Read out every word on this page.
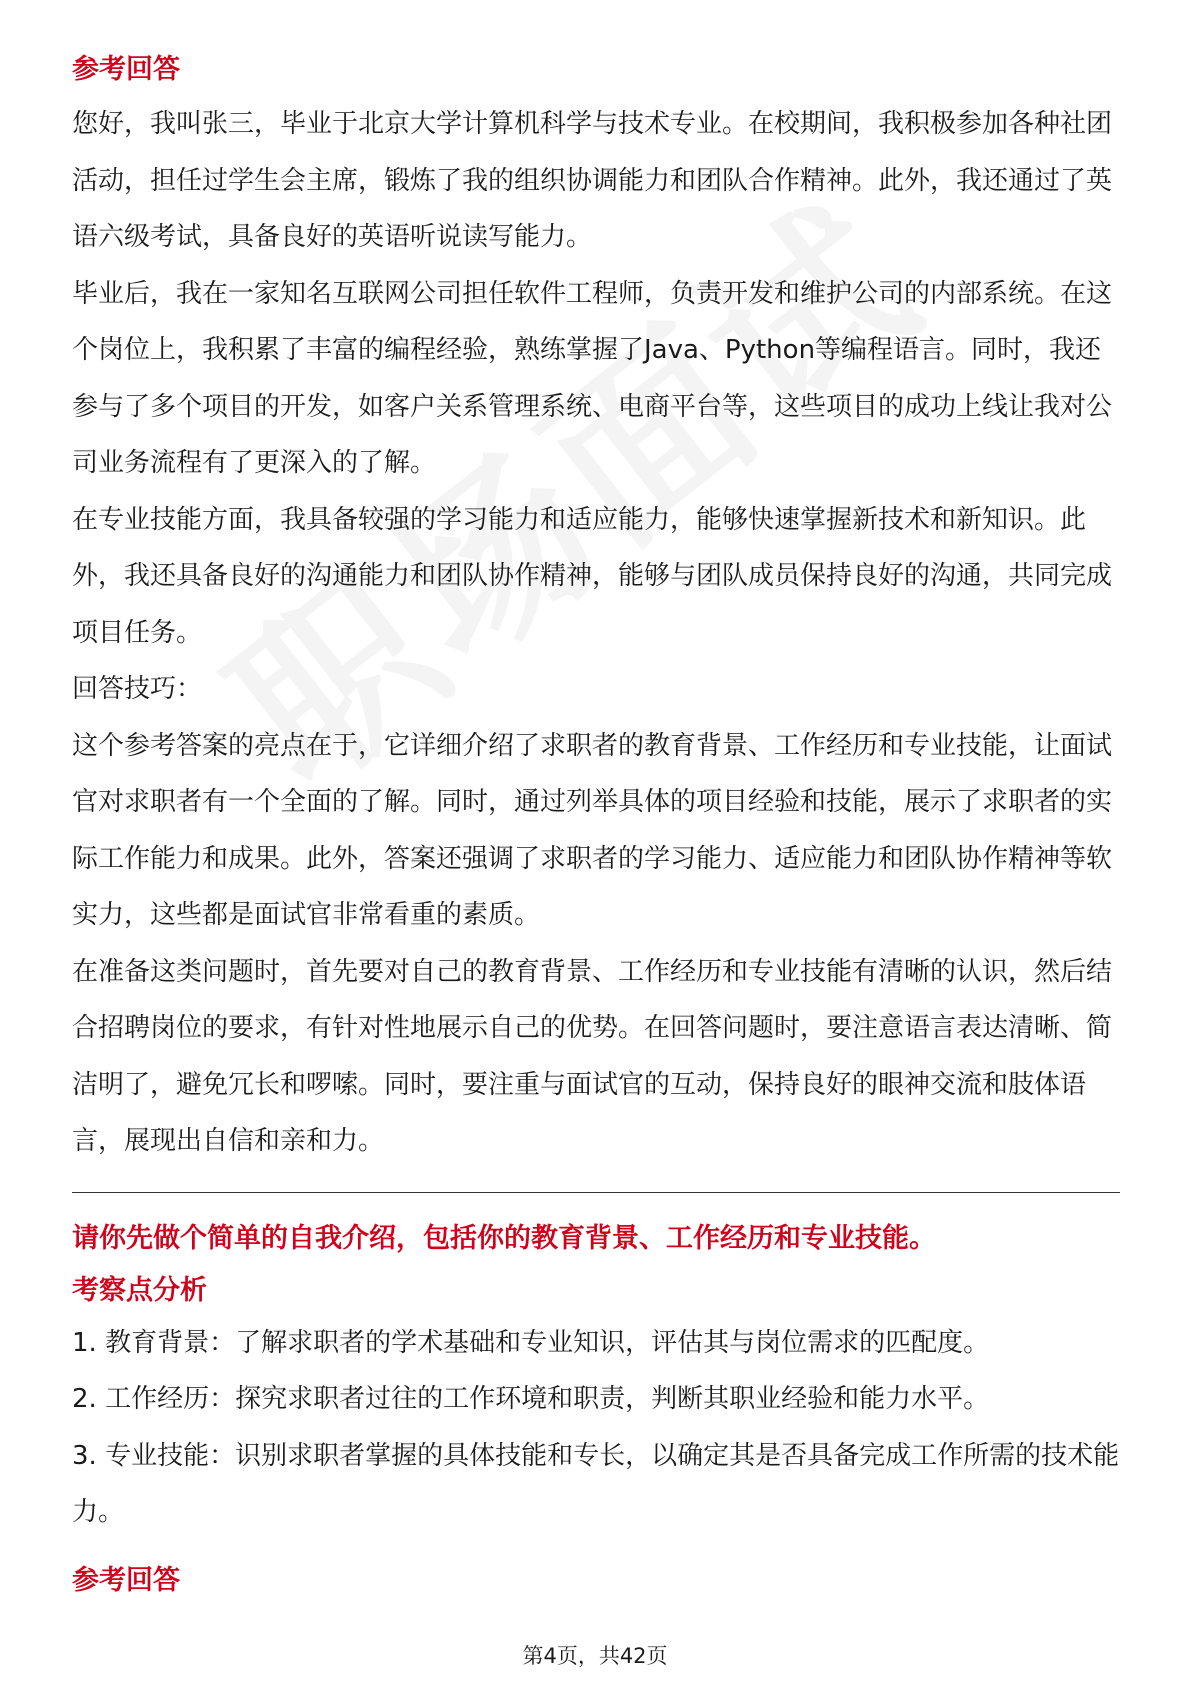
参考回答

您好，我叫张三，毕业于北京大学计算机科学与技术专业。在校期间，我积极参加各种社团活动，担任过学生会主席，锻炼了我的组织协调能力和团队合作精神。此外，我还通过了英语六级考试，具备良好的英语听说读写能力。

毕业后，我在一家知名互联网公司担任软件工程师，负责开发和维护公司的内部系统。在这个岗位上，我积累了丰富的编程经验，熟练掌握了Java、Python等编程语言。同时，我还参与了多个项目的开发，如客户关系管理系统、电商平台等，这些项目的成功上线让我对公司业务流程有了更深入的了解。

在专业技能方面，我具备较强的学习能力和适应能力，能够快速掌握新技术和新知识。此外，我还具备良好的沟通能力和团队协作精神，能够与团队成员保持良好的沟通，共同完成项目任务。

回答技巧：

这个参考答案的亮点在于，它详细介绍了求职者的教育背景、工作经历和专业技能，让面试官对求职者有一个全面的了解。同时，通过列举具体的项目经验和技能，展示了求职者的实际工作能力和成果。此外，答案还强调了求职者的学习能力、适应能力和团队协作精神等软实力，这些都是面试官非常看重的素质。

在准备这类问题时，首先要对自己的教育背景、工作经历和专业技能有清晰的认识，然后结合招聘岗位的要求，有针对性地展示自己的优势。在回答问题时，要注意语言表达清晰、简洁明了，避免冗长和啰嗦。同时，要注重与面试官的互动，保持良好的眼神交流和肢体语言，展现出自信和亲和力。

请你先做个简单的自我介绍，包括你的教育背景、工作经历和专业技能。
考察点分析

1. 教育背景：了解求职者的学术基础和专业知识，评估其与岗位需求的匹配度。

2. 工作经历：探究求职者过往的工作环境和职责，判断其职业经验和能力水平。

3. 专业技能：识别求职者掌握的具体技能和专长，以确定其是否具备完成工作所需的技术能力。

参考回答
第4页，共42页
